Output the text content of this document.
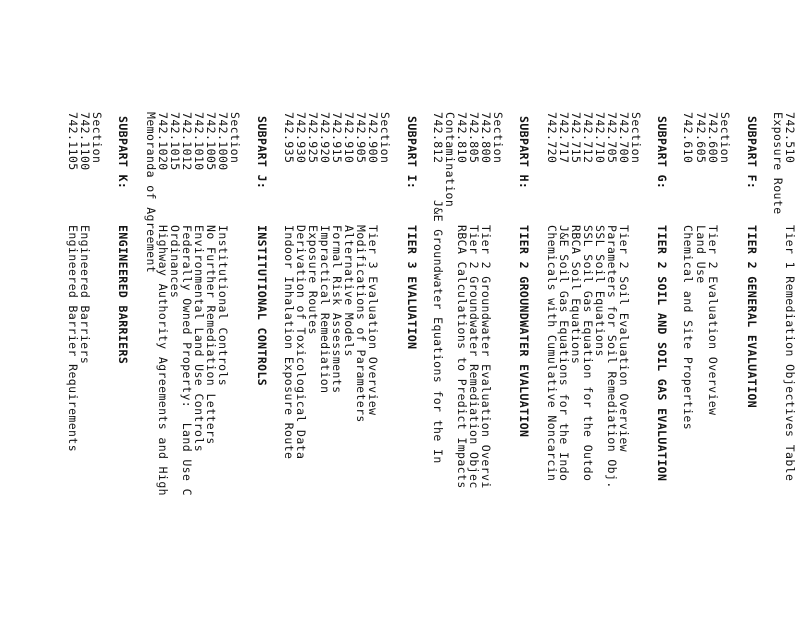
742.510
Tier 1 Remediation Objectives Table
Exposure Route
SUBPART F:
TIER 2 GENERAL EVALUATION
Section
742.600
Tier 2 Evaluation Overview
742.605
Land Use
742.610
Chemical and Site Properties
SUBPART G:
TIER 2 SOIL AND SOIL GAS EVALUATION
Section
742.700
Tier 2 Soil Evaluation Overview
742.705
Parameters for Soil Remediation Obj.
742.710
SSL Soil Equations
742.712
SSL Soil Gas Equation for the Outdo
742.715
RBCA Soil Equations
742.717
J&E Soil Gas Equations for the Indo
742.720
Chemicals with Cumulative Noncarcin
SUBPART H:
TIER 2 GROUNDWATER EVALUATION
Section
742.800
Tier 2 Groundwater Evaluation Overvi
742.805
Tier 2 Groundwater Remediation Objec
742.810
RBCA Calculations to Predict Impacts
Contamination
742.812
J&E Groundwater Equations for the In
SUBPART I:
TIER 3 EVALUATION
Section
742.900
Tier 3 Evaluation Overview
742.905
Modifications of Parameters
742.910
Alternative Models
742.915
Formal Risk Assessments
742.920
Impractical Remediation
742.925
Exposure Routes
742.930
Derivation of Toxicological Data
742.935
Indoor Inhalation Exposure Route
SUBPART J:
INSTITUTIONAL CONTROLS
Section
742.1000
Institutional Controls
742.1005
No Further Remediation Letters
742.1010
Environmental Land Use Controls
742.1012
Federally Owned Property:  Land Use C
742.1015
Ordinances
742.1020
Highway Authority Agreements and High
Memoranda of Agreement
SUBPART K:
ENGINEERED BARRIERS
Section
742.1100
Engineered Barriers
742.1105
Engineered Barrier Requirements
